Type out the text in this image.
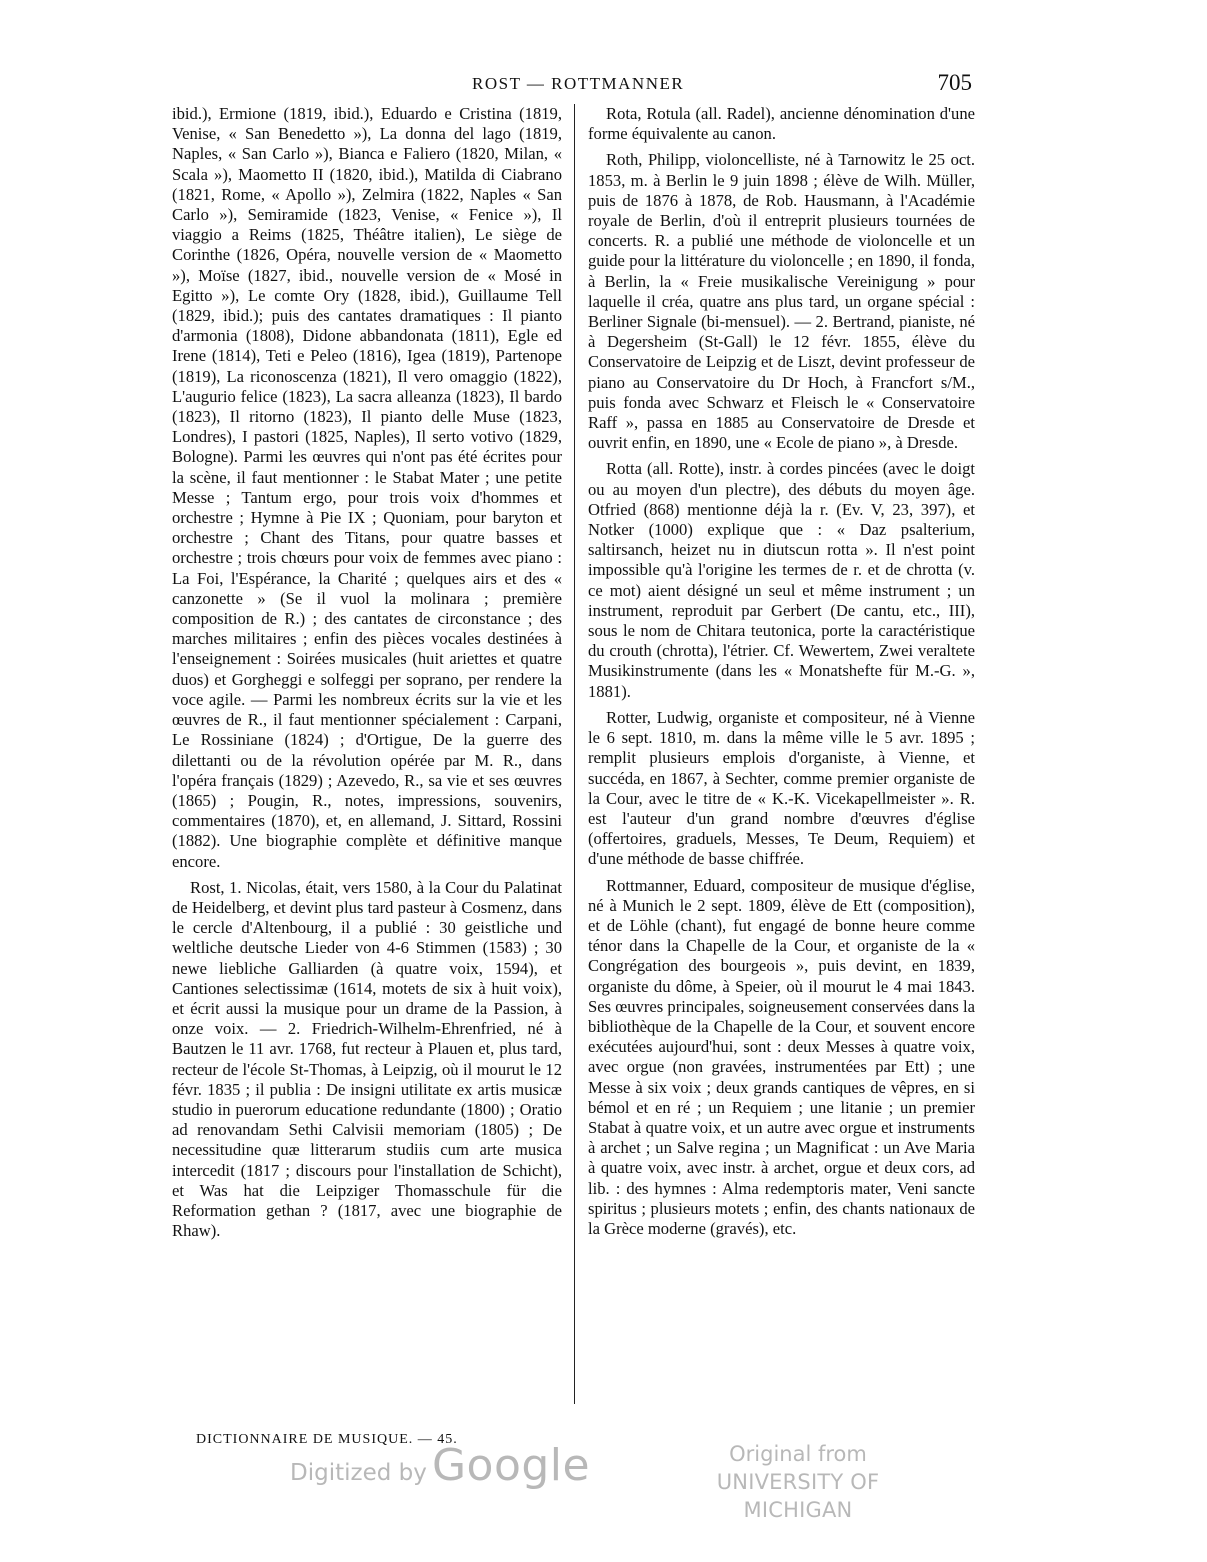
ROST — ROTTMANNER	705

ibid.), Ermione (1819, ibid.), Eduardo e Cristina (1819, Venise, « San Benedetto »), La donna del lago (1819, Naples, « San Carlo »), Bianca e Faliero (1820, Milan, « Scala »), Maometto II (1820, ibid.), Matilda di Ciabrano (1821, Rome, « Apollo »), Zelmira (1822, Naples « San Carlo »), Semiramide (1823, Venise, « Fenice »), Il viaggio a Reims (1825, Théâtre italien), Le siège de Corinthe (1826, Opéra, nouvelle version de « Maometto »), Moïse (1827, ibid., nouvelle version de « Mosé in Egitto »), Le comte Ory (1828, ibid.), Guillaume Tell (1829, ibid.); puis des cantates dramatiques : Il pianto d'armonia (1808), Didone abbandonata (1811), Egle ed Irene (1814), Teti e Peleo (1816), Igea (1819), Partenope (1819), La riconoscenza (1821), Il vero omaggio (1822), L'augurio felice (1823), La sacra alleanza (1823), Il bardo (1823), Il ritorno (1823), Il pianto delle Muse (1823, Londres), I pastori (1825, Naples), Il serto votivo (1829, Bologne). Parmi les œuvres qui n'ont pas été écrites pour la scène, il faut mentionner : le Stabat Mater ; une petite Messe ; Tantum ergo, pour trois voix d'hommes et orchestre ; Hymne à Pie IX ; Quoniam, pour baryton et orchestre ; Chant des Titans, pour quatre basses et orchestre ; trois chœurs pour voix de femmes avec piano : La Foi, l'Espérance, la Charité ; quelques airs et des « canzonette » (Se il vuol la molinara ; première composition de R.) ; des cantates de circonstance ; des marches militaires ; enfin des pièces vocales destinées à l'enseignement : Soirées musicales (huit ariettes et quatre duos) et Gorgheggi e solfeggi per soprano, per rendere la voce agile. — Parmi les nombreux écrits sur la vie et les œuvres de R., il faut mentionner spécialement : Carpani, Le Rossiniane (1824) ; d'Ortigue, De la guerre des dilettanti ou de la révolution opérée par M. R., dans l'opéra français (1829) ; Azevedo, R., sa vie et ses œuvres (1865) ; Pougin, R., notes, impressions, souvenirs, commentaires (1870), et, en allemand, J. Sittard, Rossini (1882). Une biographie complète et définitive manque encore.

Rost, 1. Nicolas, était, vers 1580, à la Cour du Palatinat de Heidelberg, et devint plus tard pasteur à Cosmenz, dans le cercle d'Altenbourg, il a publié : 30 geistliche und weltliche deutsche Lieder von 4-6 Stimmen (1583) ; 30 newe liebliche Galliarden (à quatre voix, 1594), et Cantiones selectissimæ (1614, motets de six à huit voix), et écrit aussi la musique pour un drame de la Passion, à onze voix. — 2. Friedrich-Wilhelm-Ehrenfried, né à Bautzen le 11 avr. 1768, fut recteur à Plauen et, plus tard, recteur de l'école St-Thomas, à Leipzig, où il mourut le 12 févr. 1835 ; il publia : De insigni utilitate ex artis musicæ studio in puerorum educatione redundante (1800) ; Oratio ad renovandam Sethi Calvisii memoriam (1805) ; De necessitudine quæ litterarum studiis cum arte musica intercedit (1817 ; discours pour l'installation de Schicht), et Was hat die Leipziger Thomasschule für die Reformation gethan ? (1817, avec une biographie de Rhaw).

Rota, Rotula (all. Radel), ancienne dénomination d'une forme équivalente au canon.

Roth, Philipp, violoncelliste, né à Tarnowitz le 25 oct. 1853, m. à Berlin le 9 juin 1898 ; élève de Wilh. Müller, puis de 1876 à 1878, de Rob. Hausmann, à l'Académie royale de Berlin, d'où il entreprit plusieurs tournées de concerts. R. a publié une méthode de violoncelle et un guide pour la littérature du violoncelle ; en 1890, il fonda, à Berlin, la « Freie musikalische Vereinigung » pour laquelle il créa, quatre ans plus tard, un organe spécial : Berliner Signale (bi-mensuel). — 2. Bertrand, pianiste, né à Degersheim (St-Gall) le 12 févr. 1855, élève du Conservatoire de Leipzig et de Liszt, devint professeur de piano au Conservatoire du Dr Hoch, à Francfort s/M., puis fonda avec Schwarz et Fleisch le « Conservatoire Raff », passa en 1885 au Conservatoire de Dresde et ouvrit enfin, en 1890, une « Ecole de piano », à Dresde.

Rotta (all. Rotte), instr. à cordes pincées (avec le doigt ou au moyen d'un plectre), des débuts du moyen âge. Otfried (868) mentionne déjà la r. (Ev. V, 23, 397), et Notker (1000) explique que : « Daz psalterium, saltirsanch, heizet nu in diutscun rotta ». Il n'est point impossible qu'à l'origine les termes de r. et de chrotta (v. ce mot) aient désigné un seul et même instrument ; un instrument, reproduit par Gerbert (De cantu, etc., III), sous le nom de Chitara teutonica, porte la caractéristique du crouth (chrotta), l'étrier. Cf. Wewertem, Zwei veraltete Musikinstrumente (dans les « Monatshefte für M.-G. », 1881).

Rotter, Ludwig, organiste et compositeur, né à Vienne le 6 sept. 1810, m. dans la même ville le 5 avr. 1895 ; remplit plusieurs emplois d'organiste, à Vienne, et succéda, en 1867, à Sechter, comme premier organiste de la Cour, avec le titre de « K.-K. Vicekapellmeister ». R. est l'auteur d'un grand nombre d'œuvres d'église (offertoires, graduels, Messes, Te Deum, Requiem) et d'une méthode de basse chiffrée.

Rottmanner, Eduard, compositeur de musique d'église, né à Munich le 2 sept. 1809, élève de Ett (composition), et de Löhle (chant), fut engagé de bonne heure comme ténor dans la Chapelle de la Cour, et organiste de la « Congrégation des bourgeois », puis devint, en 1839, organiste du dôme, à Speier, où il mourut le 4 mai 1843. Ses œuvres principales, soigneusement conservées dans la bibliothèque de la Chapelle de la Cour, et souvent encore exécutées aujourd'hui, sont : deux Messes à quatre voix, avec orgue (non gravées, instrumentées par Ett) ; une Messe à six voix ; deux grands cantiques de vêpres, en si bémol et en ré ; un Requiem ; une litanie ; un premier Stabat à quatre voix, et un autre avec orgue et instruments à archet ; un Salve regina ; un Magnificat : un Ave Maria à quatre voix, avec instr. à archet, orgue et deux cors, ad lib. : des hymnes : Alma redemptoris mater, Veni sancte spiritus ; plusieurs motets ; enfin, des chants nationaux de la Grèce moderne (gravés), etc.

DICTIONNAIRE DE MUSIQUE. — 45.
Digitized by Google	Original from
UNIVERSITY OF MICHIGAN
